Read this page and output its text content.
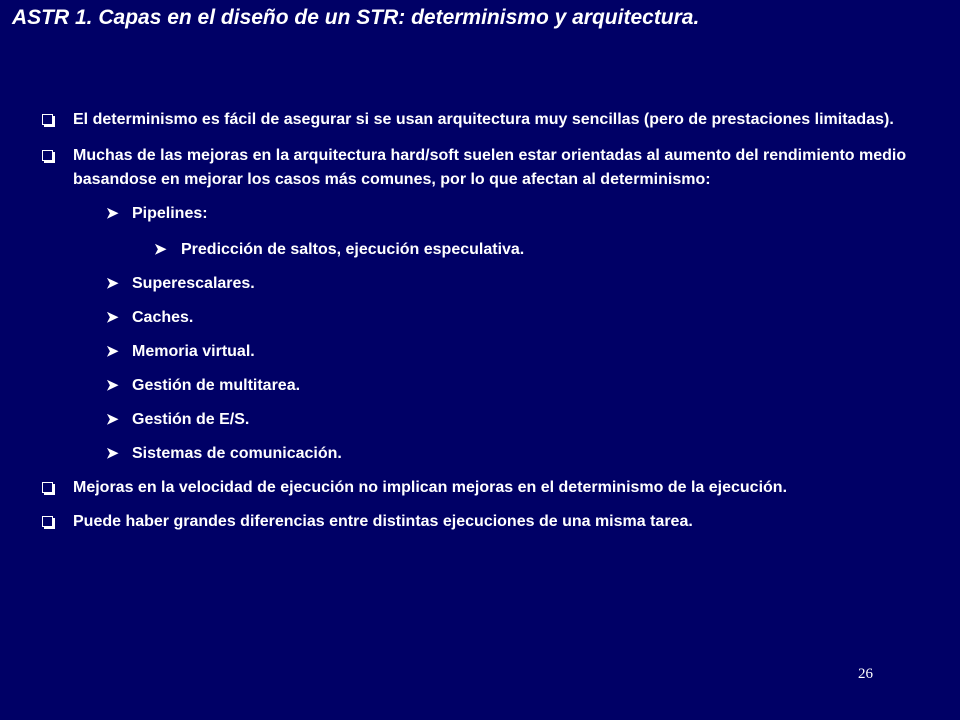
ASTR 1. Capas en el diseño de un STR: determinismo y arquitectura.
El determinismo es fácil de asegurar si se usan arquitectura muy sencillas (pero de prestaciones limitadas).
Muchas de las mejoras en la arquitectura hard/soft suelen estar orientadas al aumento del rendimiento medio basandose en mejorar los casos más comunes, por lo que afectan al determinismo:
➤ Pipelines:
➤ Predicción de saltos, ejecución especulativa.
➤ Superescalares.
➤ Caches.
➤ Memoria virtual.
➤ Gestión de multitarea.
➤ Gestión de E/S.
➤ Sistemas de comunicación.
Mejoras en la velocidad de ejecución no implican mejoras en el determinismo de la ejecución.
Puede haber grandes diferencias entre distintas ejecuciones de una misma tarea.
26
